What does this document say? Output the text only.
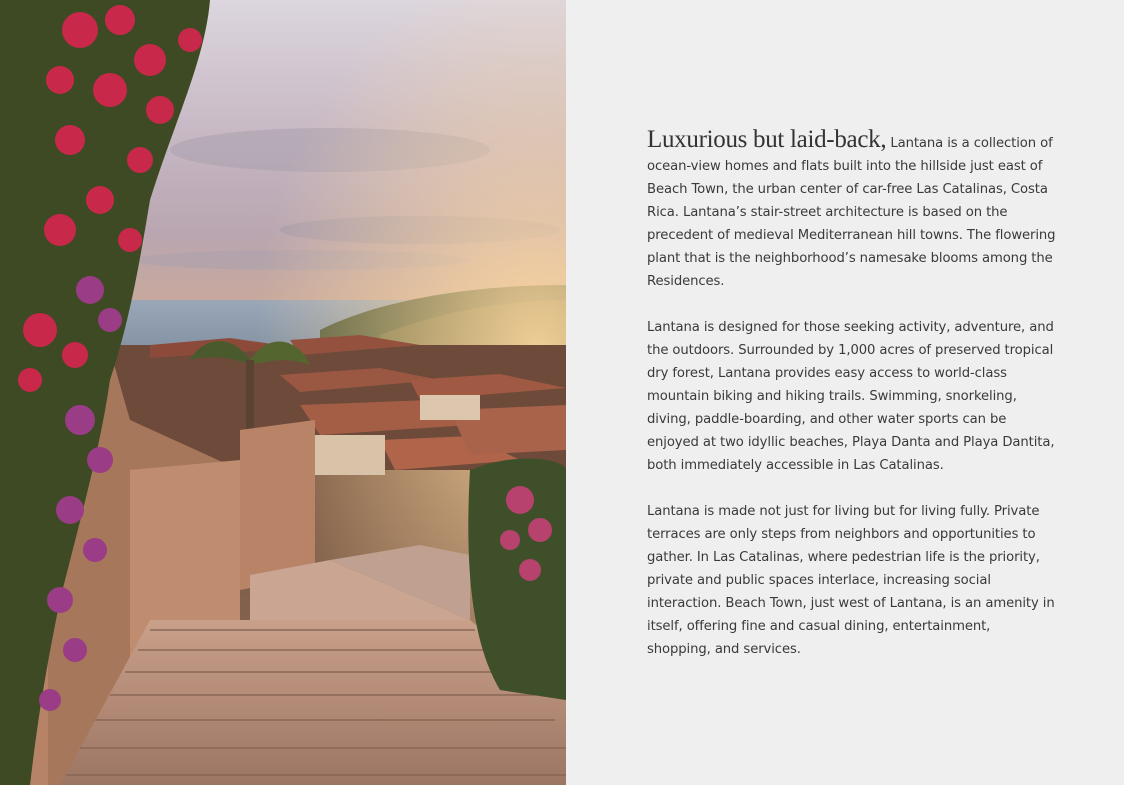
Luxurious but laid-back, Lantana is a collection of ocean-view homes and flats built into the hillside just east of Beach Town, the urban center of car-free Las Catalinas, Costa Rica. Lantana’s stair-street architecture is based on the precedent of medieval Mediterranean hill towns. The flowering plant that is the neighborhood’s namesake blooms among the Residences.

Lantana is designed for those seeking activity, adventure, and the outdoors. Surrounded by 1,000 acres of preserved tropical dry forest, Lantana provides easy access to world-class mountain biking and hiking trails. Swimming, snorkeling, diving, paddle-boarding, and other water sports can be enjoyed at two idyllic beaches, Playa Danta and Playa Dantita, both immediately accessible in Las Catalinas.

Lantana is made not just for living but for living fully. Private terraces are only steps from neighbors and opportunities to gather. In Las Catalinas, where pedestrian life is the priority, private and public spaces interlace, increasing social interaction. Beach Town, just west of Lantana, is an amenity in itself, offering fine and casual dining, entertainment, shopping, and services.
